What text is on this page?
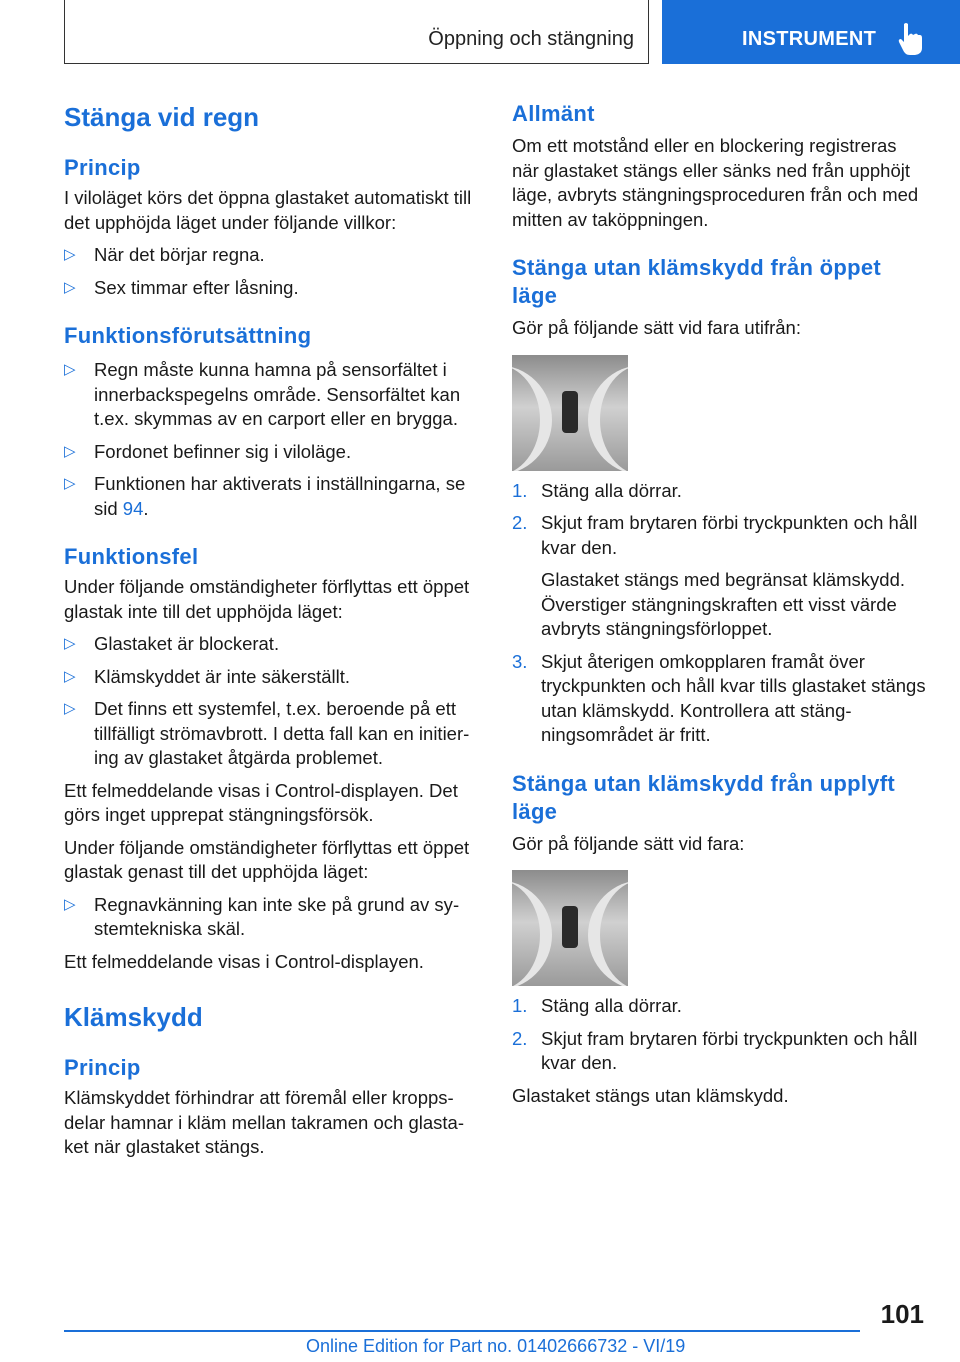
Öppning och stängning	INSTRUMENT
Stänga vid regn
Princip
I viloläget körs det öppna glastaket automatiskt till det upphöjda läget under följande villkor:
▷ När det börjar regna.
▷ Sex timmar efter låsning.
Funktionsförutsättning
▷ Regn måste kunna hamna på sensorfältet i innerbackspegelns område. Sensorfältet kan t.ex. skymmas av en carport eller en brygga.
▷ Fordonet befinner sig i viloläge.
▷ Funktionen har aktiverats i inställningarna, se sid 94.
Funktionsfel
Under följande omständigheter förflyttas ett öppet glastak inte till det upphöjda läget:
▷ Glastaket är blockerat.
▷ Klämskyddet är inte säkerställt.
▷ Det finns ett systemfel, t.ex. beroende på ett tillfälligt strömavbrott. I detta fall kan en initiering av glastaket åtgärda problemet.
Ett felmeddelande visas i Control-displayen. Det görs inget upprepat stängningsförsök.
Under följande omständigheter förflyttas ett öppet glastak genast till det upphöjda läget:
▷ Regnavkänning kan inte ske på grund av systemtekniska skäl.
Ett felmeddelande visas i Control-displayen.
Klämskydd
Princip
Klämskyddet förhindrar att föremål eller kroppsdelar hamnar i kläm mellan takramen och glastaket när glastaket stängs.
Allmänt
Om ett motstånd eller en blockering registreras när glastaket stängs eller sänks ned från upphöjt läge, avbryts stängningsproceduren från och med mitten av taköppningen.
Stänga utan klämskydd från öppet läge
Gör på följande sätt vid fara utifrån:
1. Stäng alla dörrar.
2. Skjut fram brytaren förbi tryckpunkten och håll kvar den.
Glastaket stängs med begränsat klämskydd. Överstiger stängningskraften ett visst värde avbryts stängningsförloppet.
3. Skjut återigen omkopplaren framåt över tryckpunkten och håll kvar tills glastaket stängs utan klämskydd. Kontrollera att stängningsområdet är fritt.
Stänga utan klämskydd från upplyft läge
Gör på följande sätt vid fara:
1. Stäng alla dörrar.
2. Skjut fram brytaren förbi tryckpunkten och håll kvar den.
Glastaket stängs utan klämskydd.
101
Online Edition for Part no. 01402666732 - VI/19
